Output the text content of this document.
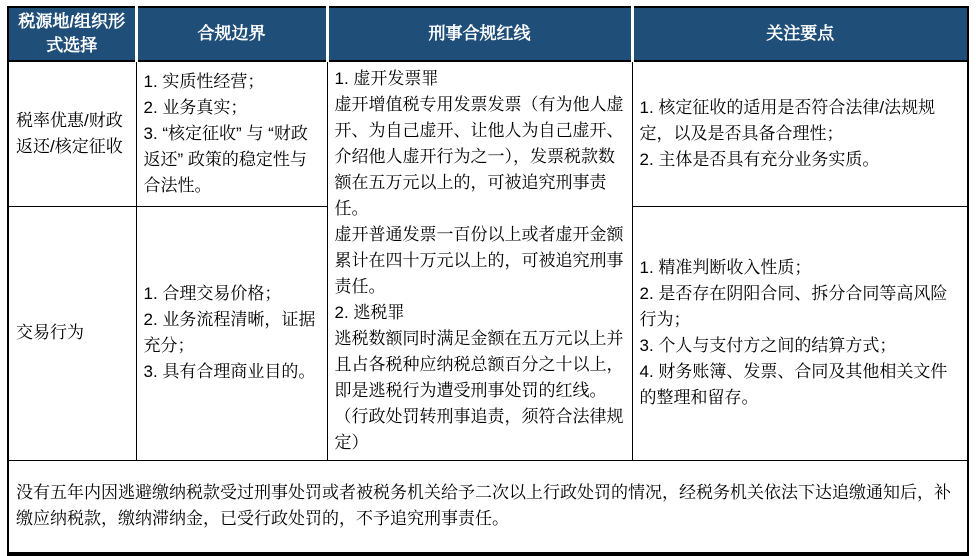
税源地/组织形式选择	合规边界	刑事合规红线	关注要点
税率优惠/财政返还/核定征收	1. 实质性经营；
2. 业务真实；
3. “核定征收” 与 “财政返还” 政策的稳定性与合法性。	1. 虚开发票罪
虚开增值税专用发票发票（有为他人虚开、为自己虚开、让他人为自己虚开、介绍他人虚开行为之一），发票税款数额在五万元以上的，可被追究刑事责任。
虚开普通发票一百份以上或者虚开金额累计在四十万元以上的，可被追究刑事责任。
2. 逃税罪
逃税数额同时满足金额在五万元以上并且占各税种应纳税总额百分之十以上，即是逃税行为遭受刑事处罚的红线。（行政处罚转刑事追责，须符合法律规定）	1. 核定征收的适用是否符合法律/法规规定，以及是否具备合理性；
2. 主体是否具有充分业务实质。
交易行为	1. 合理交易价格；
2. 业务流程清晰，证据充分；
3. 具有合理商业目的。		1. 精准判断收入性质；
2. 是否存在阴阳合同、拆分合同等高风险行为；
3. 个人与支付方之间的结算方式；
4. 财务账簿、发票、合同及其他相关文件的整理和留存。
没有五年内因逃避缴纳税款受过刑事处罚或者被税务机关给予二次以上行政处罚的情况，经税务机关依法下达追缴通知后，补缴应纳税款，缴纳滞纳金，已受行政处罚的，不予追究刑事责任。			
